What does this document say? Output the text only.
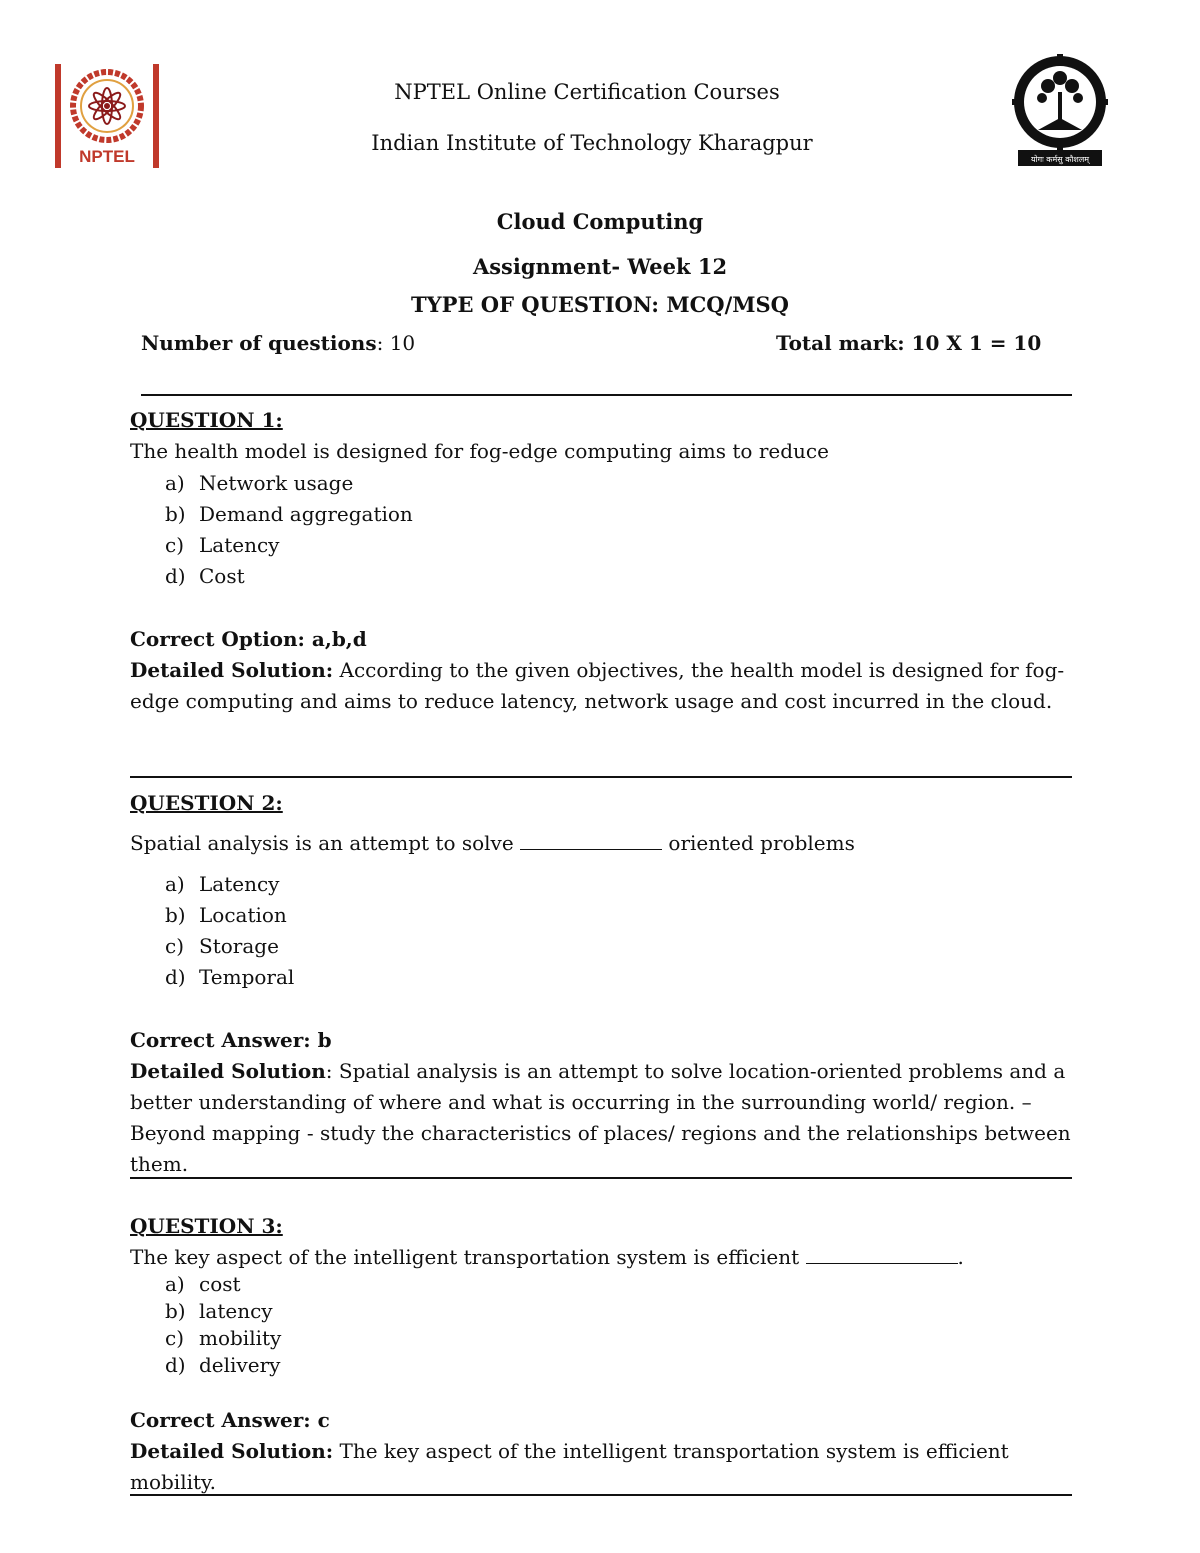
NPTEL	योगः कर्मसु कौशलम्
NPTEL Online Certification Courses
Indian Institute of Technology Kharagpur
Cloud Computing
Assignment- Week 12
TYPE OF QUESTION: MCQ/MSQ
Number of questions: 10	Total mark: 10 X 1 = 10
QUESTION 1:
The health model is designed for fog-edge computing aims to reduce
a) Network usage
b) Demand aggregation
c) Latency
d) Cost
Correct Option: a,b,d
Detailed Solution: According to the given objectives, the health model is designed for fog-edge computing and aims to reduce latency, network usage and cost incurred in the cloud.
QUESTION 2:
Spatial analysis is an attempt to solve	oriented problems
a) Latency
b) Location
c) Storage
d) Temporal
Correct Answer: b
Detailed Solution: Spatial analysis is an attempt to solve location-oriented problems and a better understanding of where and what is occurring in the surrounding world/ region. – Beyond mapping - study the characteristics of places/ regions and the relationships between them.
QUESTION 3:
The key aspect of the intelligent transportation system is efficient	.
a) cost
b) latency
c) mobility
d) delivery
Correct Answer: c
Detailed Solution: The key aspect of the intelligent transportation system is efficient mobility.
